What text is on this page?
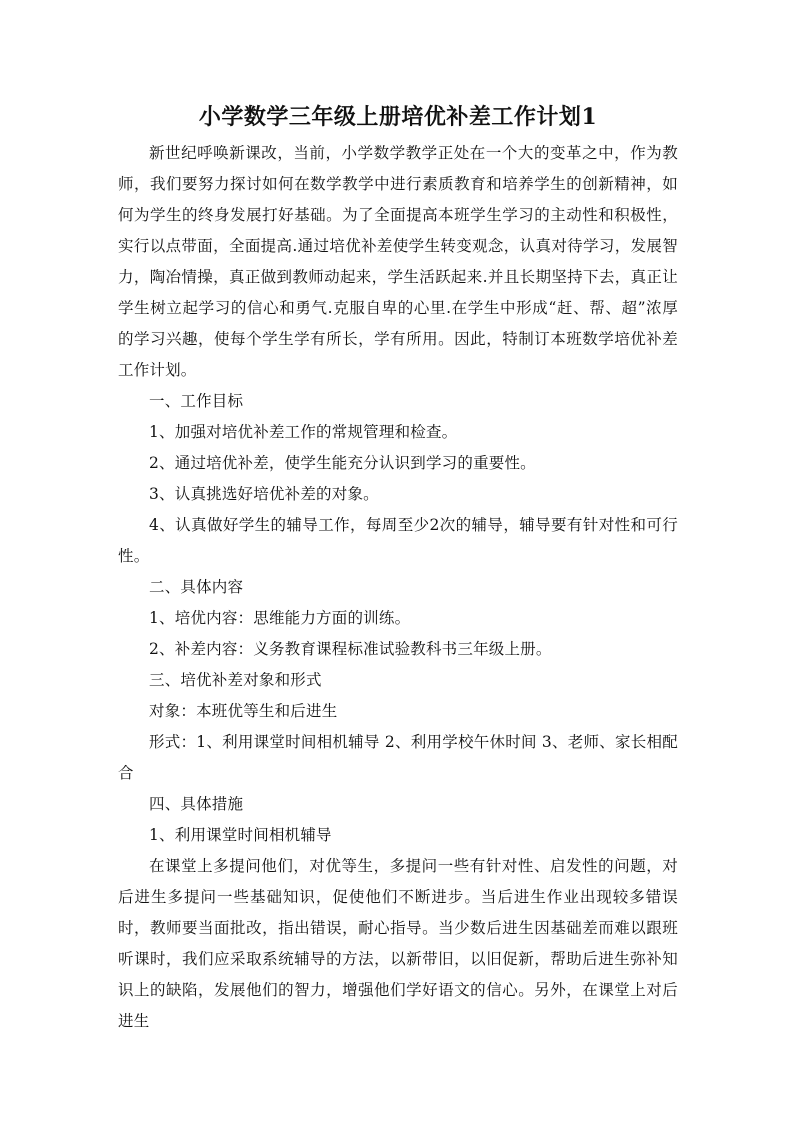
小学数学三年级上册培优补差工作计划1

新世纪呼唤新课改，当前，小学数学教学正处在一个大的变革之中，作为教师，我们要努力探讨如何在数学教学中进行素质教育和培养学生的创新精神，如何为学生的终身发展打好基础。为了全面提高本班学生学习的主动性和积极性，实行以点带面，全面提高.通过培优补差使学生转变观念，认真对待学习，发展智力，陶冶情操，真正做到教师动起来，学生活跃起来.并且长期坚持下去，真正让学生树立起学习的信心和勇气.克服自卑的心里.在学生中形成“赶、帮、超”浓厚的学习兴趣，使每个学生学有所长，学有所用。因此，特制订本班数学培优补差工作计划。

一、工作目标

1、加强对培优补差工作的常规管理和检查。

2、通过培优补差，使学生能充分认识到学习的重要性。

3、认真挑选好培优补差的对象。

4、认真做好学生的辅导工作，每周至少2次的辅导，辅导要有针对性和可行性。

二、具体内容

1、培优内容：思维能力方面的训练。

2、补差内容：义务教育课程标准试验教科书三年级上册。

三、培优补差对象和形式

对象：本班优等生和后进生

形式：1、利用课堂时间相机辅导 2、利用学校午休时间 3、老师、家长相配合

四、具体措施

1、利用课堂时间相机辅导

在课堂上多提问他们，对优等生，多提问一些有针对性、启发性的问题，对后进生多提问一些基础知识，促使他们不断进步。当后进生作业出现较多错误时，教师要当面批改，指出错误，耐心指导。当少数后进生因基础差而难以跟班听课时，我们应采取系统辅导的方法，以新带旧，以旧促新，帮助后进生弥补知识上的缺陷，发展他们的智力，增强他们学好语文的信心。另外，在课堂上对后进生
